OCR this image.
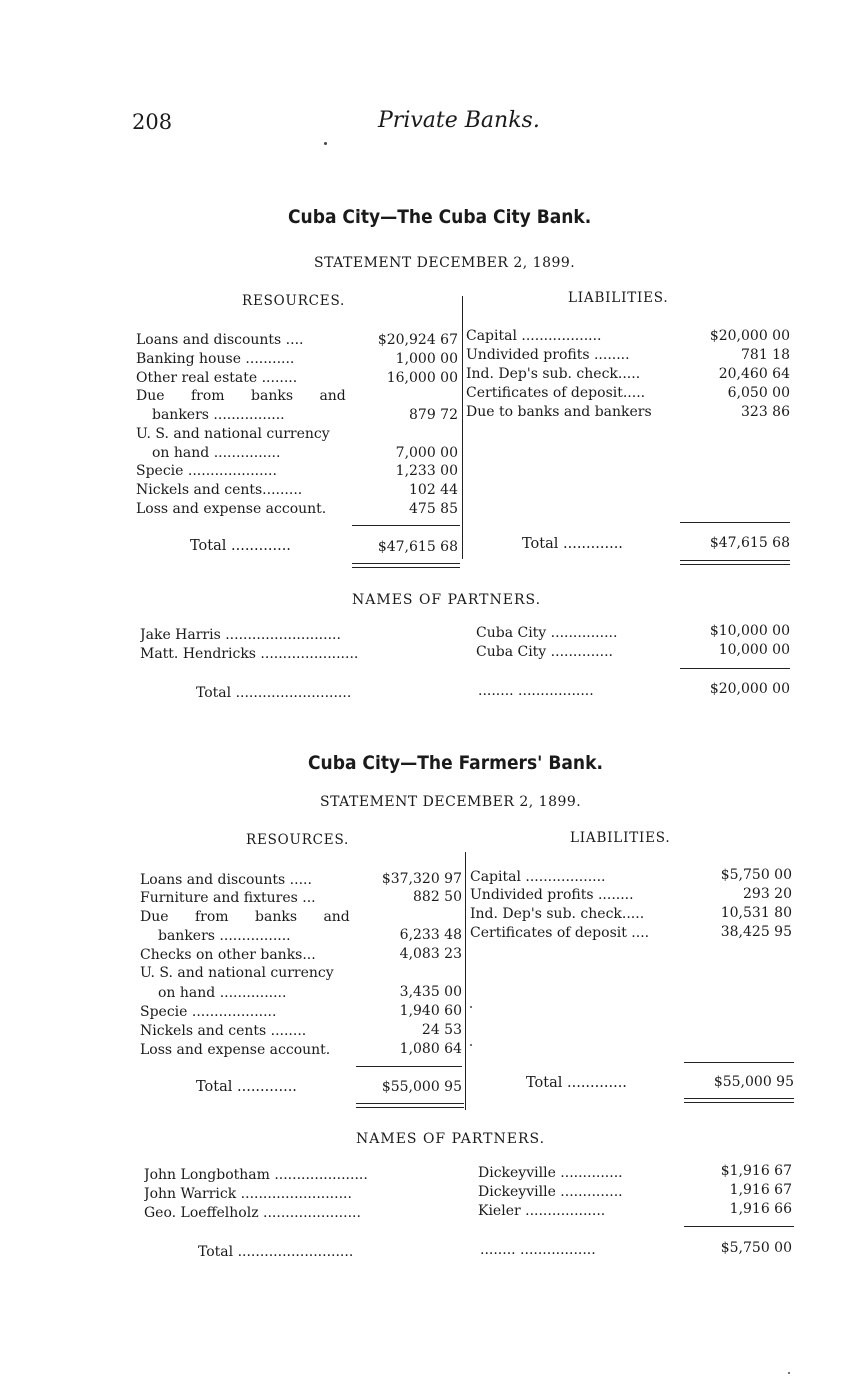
208	Private Banks.
Cuba City—The Cuba City Bank.
STATEMENT DECEMBER 2, 1899.
RESOURCES.	LIABILITIES.
Loans and discounts ....	$20,924 67
Banking house ...........	1,000 00
Other real estate ........	16,000 00
Due from banks and
bankers ................	879 72
U. S. and national currency
on hand ...............	7,000 00
Specie ....................	1,233 00
Nickels and cents.........	102 44
Loss and expense account.	475 85
Total .............	$47,615 68
Capital ..................	$20,000 00
Undivided profits ........	781 18
Ind. Dep's sub. check.....	20,460 64
Certificates of deposit.....	6,050 00
Due to banks and bankers	323 86
Total .............	$47,615 68
NAMES OF PARTNERS.
Jake Harris ..........................	Cuba City ...............	$10,000 00
Matt. Hendricks ......................	Cuba City ..............	10,000 00
Total ..........................	........ .................	$20,000 00
Cuba City—The Farmers' Bank.
STATEMENT DECEMBER 2, 1899.
RESOURCES.	LIABILITIES.
Loans and discounts .....	$37,320 97
Furniture and fixtures ...	882 50
Due from banks and
bankers ................	6,233 48
Checks on other banks...	4,083 23
U. S. and national currency
on hand ...............	3,435 00
Specie ...................	1,940 60
Nickels and cents ........	24 53
Loss and expense account.	1,080 64
Total .............	$55,000 95
Capital ..................	$5,750 00
Undivided profits ........	293 20
Ind. Dep's sub. check.....	10,531 80
Certificates of deposit ....	38,425 95
Total .............	$55,000 95
NAMES OF PARTNERS.
John Longbotham .....................	Dickeyville ..............	$1,916 67
John Warrick .........................	Dickeyville ..............	1,916 67
Geo. Loeffelholz ......................	Kieler ..................	1,916 66
Total ..........................	........ .................	$5,750 00
